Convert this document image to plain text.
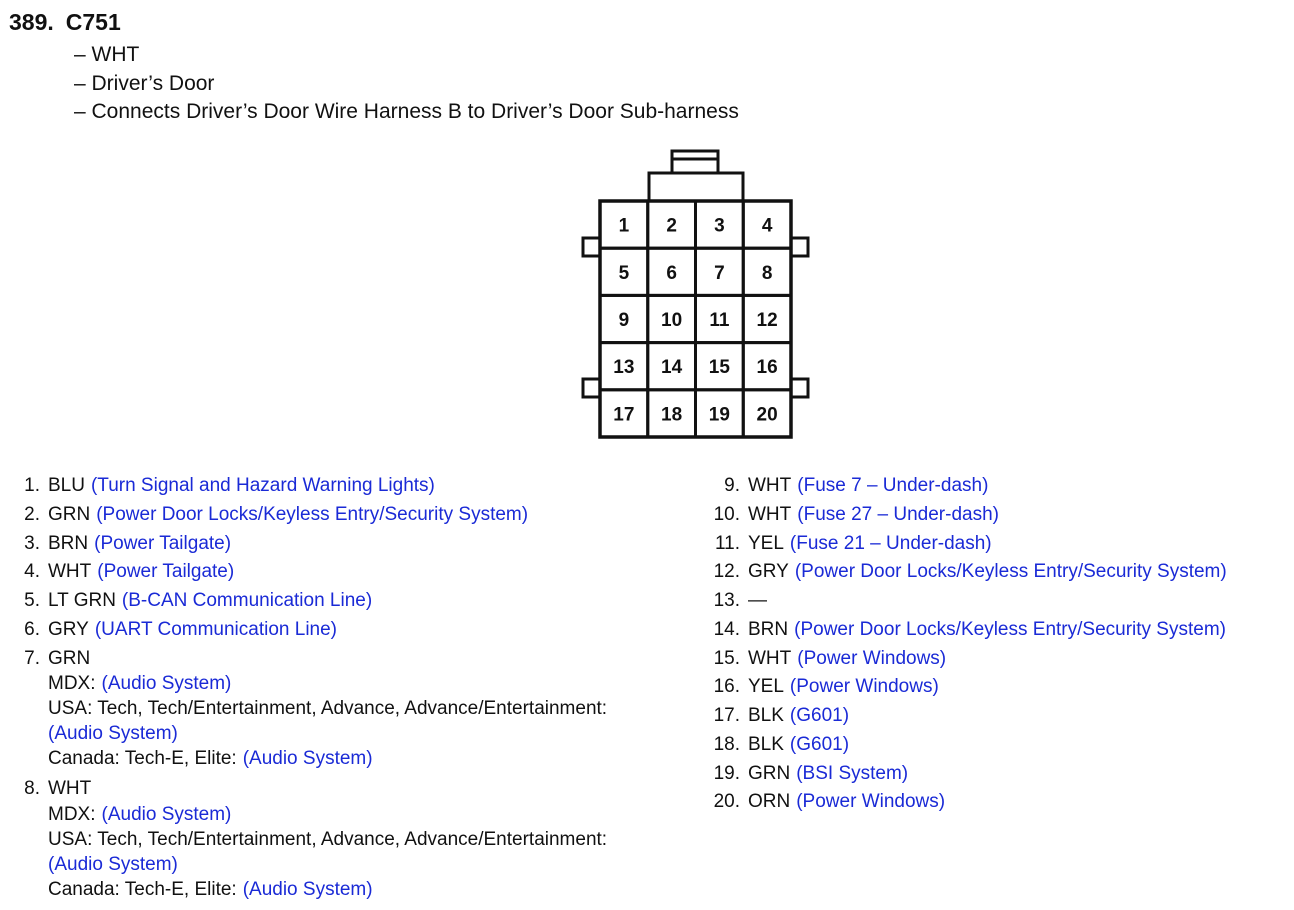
389. C751
– WHT
– Driver’s Door
– Connects Driver’s Door Wire Harness B to Driver’s Door Sub-harness
1 2 3 4
5 6 7 8
9 10 11 12
13 14 15 16
17 18 19 20
1. BLU (Turn Signal and Hazard Warning Lights)
2. GRN (Power Door Locks/Keyless Entry/Security System)
3. BRN (Power Tailgate)
4. WHT (Power Tailgate)
5. LT GRN (B-CAN Communication Line)
6. GRY (UART Communication Line)
7. GRN
MDX: (Audio System)
USA: Tech, Tech/Entertainment, Advance, Advance/Entertainment:
(Audio System)
Canada: Tech-E, Elite: (Audio System)
8. WHT
MDX: (Audio System)
USA: Tech, Tech/Entertainment, Advance, Advance/Entertainment:
(Audio System)
Canada: Tech-E, Elite: (Audio System)
9. WHT (Fuse 7 – Under-dash)
10. WHT (Fuse 27 – Under-dash)
11. YEL (Fuse 21 – Under-dash)
12. GRY (Power Door Locks/Keyless Entry/Security System)
13. —
14. BRN (Power Door Locks/Keyless Entry/Security System)
15. WHT (Power Windows)
16. YEL (Power Windows)
17. BLK (G601)
18. BLK (G601)
19. GRN (BSI System)
20. ORN (Power Windows)
